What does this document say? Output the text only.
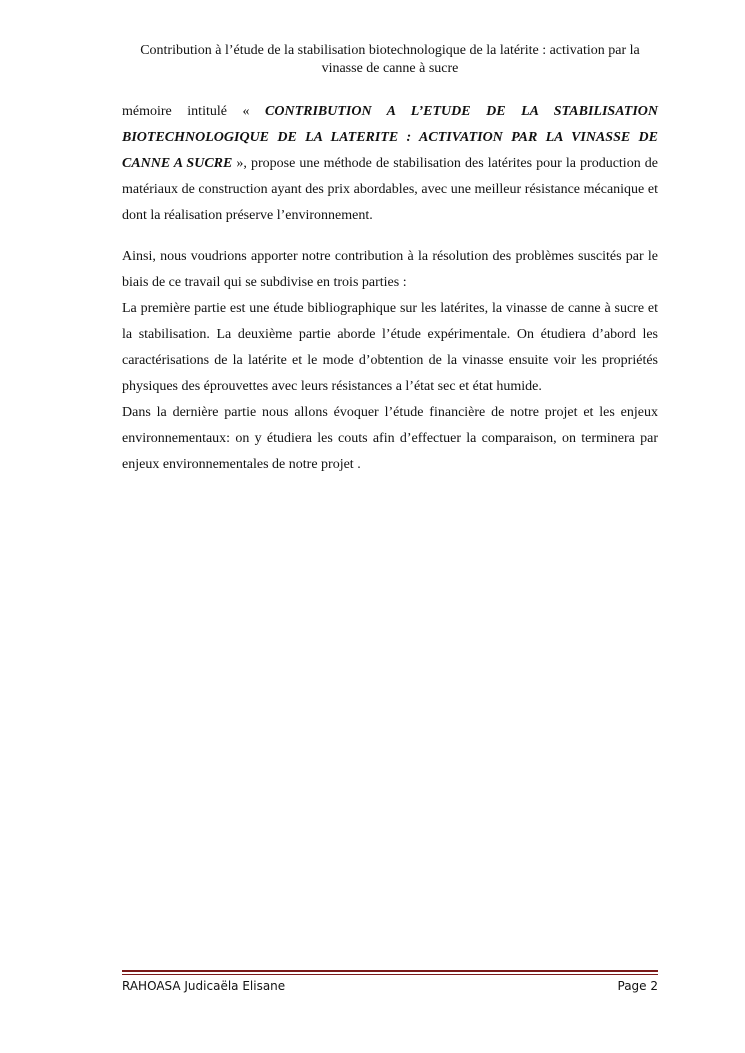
Contribution à l’étude de la stabilisation biotechnologique de la latérite : activation par la vinasse de canne à sucre

mémoire intitulé « CONTRIBUTION A L’ETUDE DE LA STABILISATION BIOTECHNOLOGIQUE DE LA LATERITE : ACTIVATION PAR LA VINASSE DE CANNE A SUCRE », propose une méthode de stabilisation des latérites pour la production de matériaux de construction ayant des prix abordables, avec une meilleur résistance mécanique et dont la réalisation préserve l’environnement.

Ainsi, nous voudrions apporter notre contribution à la résolution des problèmes suscités par le biais de ce travail qui se subdivise en trois parties :

La première partie est une étude bibliographique sur les latérites, la vinasse de canne à sucre et la stabilisation. La deuxième partie aborde l’étude expérimentale. On étudiera d’abord les caractérisations de la latérite et le mode d’obtention de la vinasse ensuite voir les propriétés physiques des éprouvettes avec leurs résistances a l’état sec et état humide.

Dans la dernière partie nous allons évoquer l’étude financière de notre projet et les enjeux environnementaux: on y étudiera les couts afin d’effectuer la comparaison, on terminera par enjeux environnementales de notre projet .

RAHOASA Judicaëla Elisane	Page 2
